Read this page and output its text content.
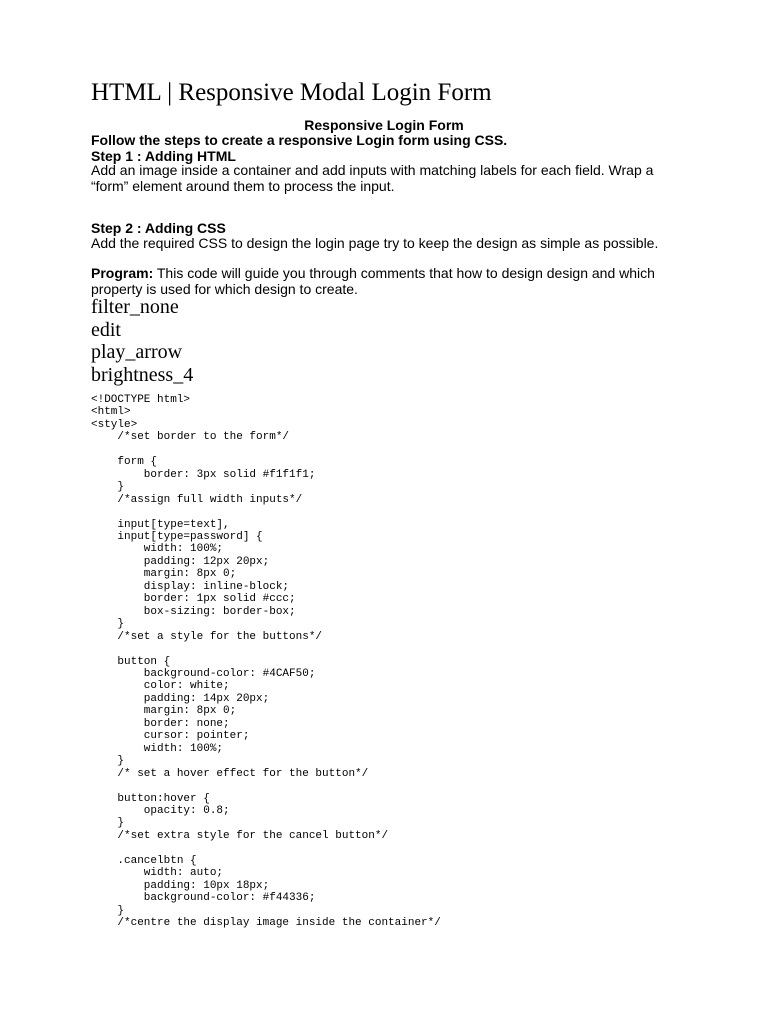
HTML | Responsive Modal Login Form

Responsive Login Form

Follow the steps to create a responsive Login form using CSS.

Step 1 : Adding HTML

Add an image inside a container and add inputs with matching labels for each field. Wrap a “form” element around them to process the input.

Step 2 : Adding CSS

Add the required CSS to design the login page try to keep the design as simple as possible.

Program: This code will guide you through comments that how to design design and which property is used for which design to create.

filter_none
edit
play_arrow
brightness_4
<!DOCTYPE html>
<html>
<style>
/*set border to the form*/

form {
border: 3px solid #f1f1f1;
}
/*assign full width inputs*/

input[type=text],
input[type=password] {
width: 100%;
padding: 12px 20px;
margin: 8px 0;
display: inline-block;
border: 1px solid #ccc;
box-sizing: border-box;
}
/*set a style for the buttons*/

button {
background-color: #4CAF50;
color: white;
padding: 14px 20px;
margin: 8px 0;
border: none;
cursor: pointer;
width: 100%;
}
/* set a hover effect for the button*/

button:hover {
opacity: 0.8;
}
/*set extra style for the cancel button*/

.cancelbtn {
width: auto;
padding: 10px 18px;
background-color: #f44336;
}
/*centre the display image inside the container*/
